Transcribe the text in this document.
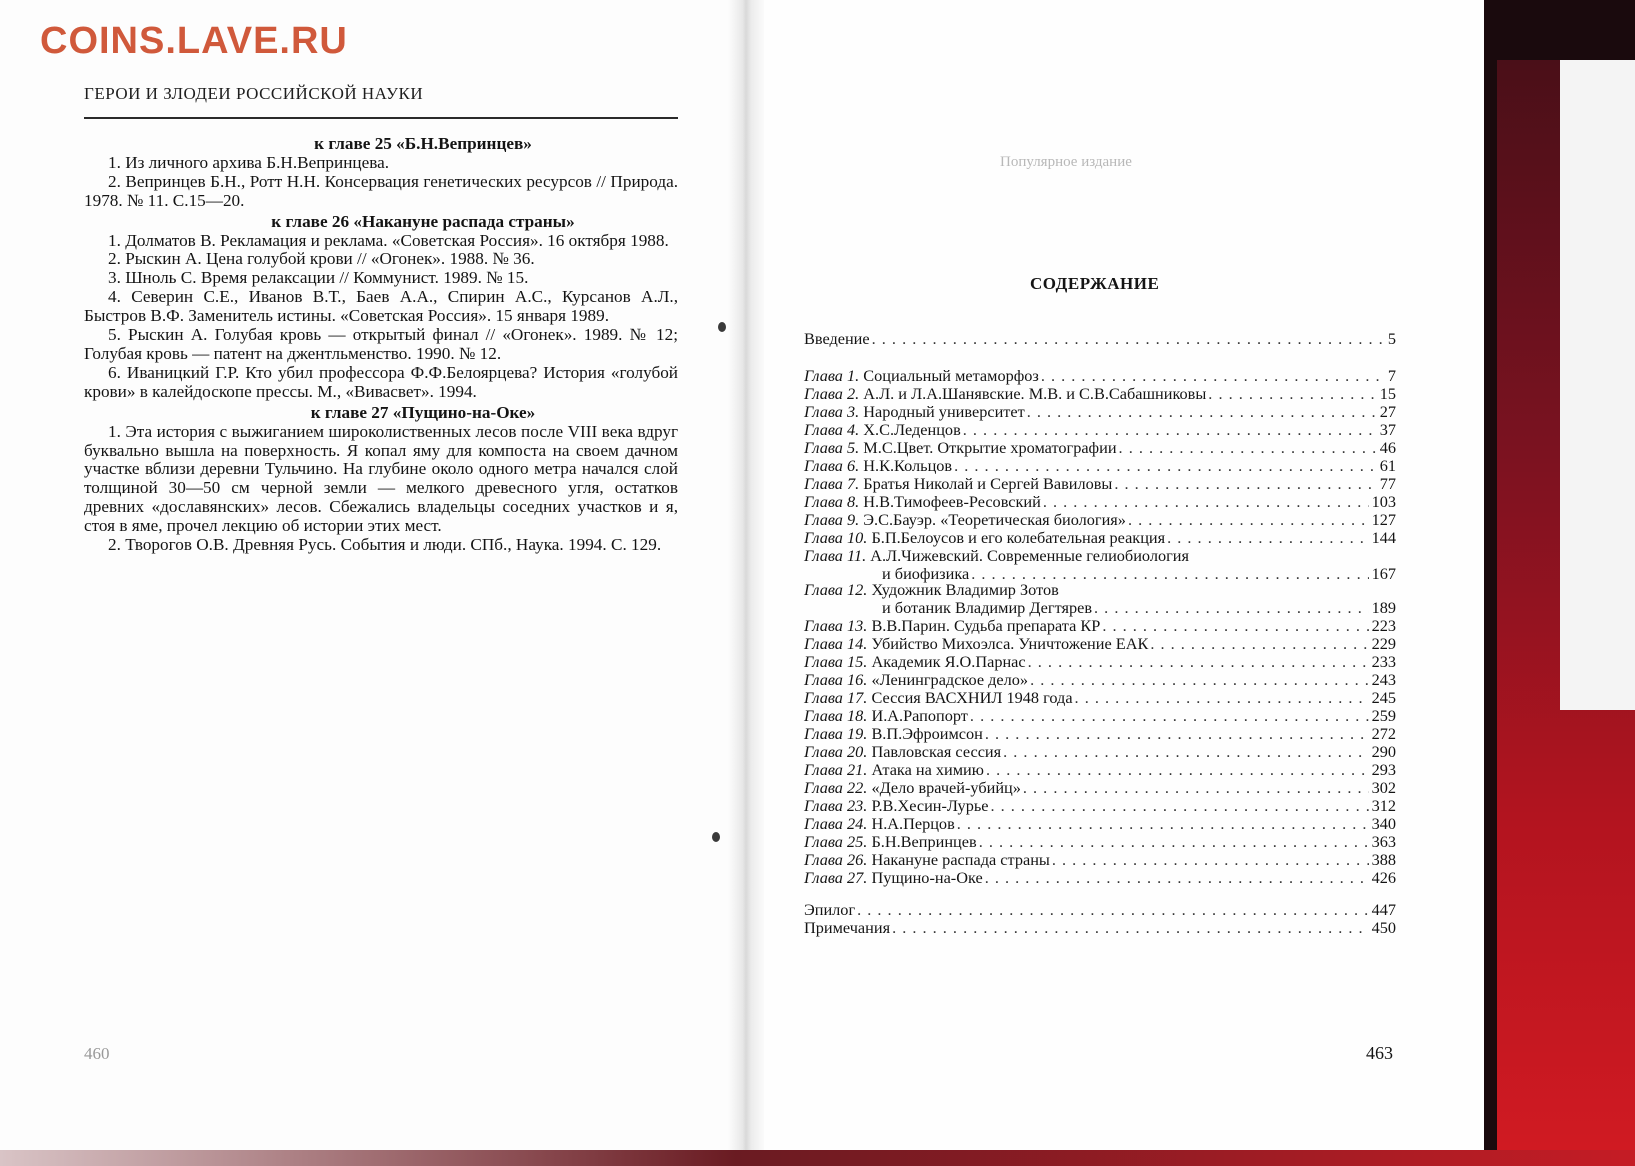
COINS.LAVE.RU
ГЕРОИ И ЗЛОДЕИ РОССИЙСКОЙ НАУКИ

к главе 25 «Б.Н.Вепринцев»

1. Из личного архива Б.Н.Вепринцева.

2. Вепринцев Б.Н., Ротт Н.Н. Консервация генетических ресурсов // Природа. 1978. № 11. С.15—20.

к главе 26 «Накануне распада страны»

1. Долматов В. Рекламация и реклама. «Советская Россия». 16 октября 1988.

2. Рыскин А. Цена голубой крови // «Огонек». 1988. № 36.

3. Шноль С. Время релаксации // Коммунист. 1989. № 15.

4. Северин С.Е., Иванов В.Т., Баев А.А., Спирин А.С., Курсанов А.Л., Быстров В.Ф. Заменитель истины. «Советская Россия». 15 января 1989.

5. Рыскин А. Голубая кровь — открытый финал // «Огонек». 1989. № 12; Голубая кровь — патент на джентльменство. 1990. № 12.

6. Иваницкий Г.Р. Кто убил профессора Ф.Ф.Белоярцева? История «голубой крови» в калейдоскопе прессы. М., «Вивасвет». 1994.

к главе 27 «Пущино-на-Оке»

1. Эта история с выжиганием широколиственных лесов после VIII века вдруг буквально вышла на поверхность. Я копал яму для компоста на своем дачном участке вблизи деревни Тульчино. На глубине около одного метра начался слой толщиной 30—50 см черной земли — мелкого древесного угля, остатков древних «дославянских» лесов. Сбежались владельцы соседних участков и я, стоя в яме, прочел лекцию об истории этих мест.

2. Творогов О.В. Древняя Русь. События и люди. СПб., Наука. 1994. С. 129.

460
Популярное издание
СОДЕРЖАНИЕ
Введение . . .	5
Глава 1. Социальный метаморфоз . . .	7
Глава 2. А.Л. и Л.А.Шанявские. М.В. и С.В.Сабашниковы . . .	15
Глава 3. Народный университет . . .	27
Глава 4. Х.С.Леденцов . . .	37
Глава 5. М.С.Цвет. Открытие хроматографии . . .	46
Глава 6. Н.К.Кольцов . . .	61
Глава 7. Братья Николай и Сергей Вавиловы . . .	77
Глава 8. Н.В.Тимофеев-Ресовский . . .	103
Глава 9. Э.С.Бауэр. «Теоретическая биология» . . .	127
Глава 10. Б.П.Белоусов и его колебательная реакция . . .	144
Глава 11. А.Л.Чижевский. Современные гелиобиология
и биофизика . . .	167
Глава 12. Художник Владимир Зотов
и ботаник Владимир Дегтярев . . .	189
Глава 13. В.В.Парин. Судьба препарата КР . . .	223
Глава 14. Убийство Михоэлса. Уничтожение ЕАК . . .	229
Глава 15. Академик Я.О.Парнас . . .	233
Глава 16. «Ленинградское дело» . . .	243
Глава 17. Сессия ВАСХНИЛ 1948 года . . .	245
Глава 18. И.А.Рапопорт . . .	259
Глава 19. В.П.Эфроимсон . . .	272
Глава 20. Павловская сессия . . .	290
Глава 21. Атака на химию . . .	293
Глава 22. «Дело врачей-убийц» . . .	302
Глава 23. Р.В.Хесин-Лурье . . .	312
Глава 24. Н.А.Перцов . . .	340
Глава 25. Б.Н.Вепринцев . . .	363
Глава 26. Накануне распада страны . . .	388
Глава 27. Пущино-на-Оке . . .	426
Эпилог . . .	447
Примечания . . .	450
463
